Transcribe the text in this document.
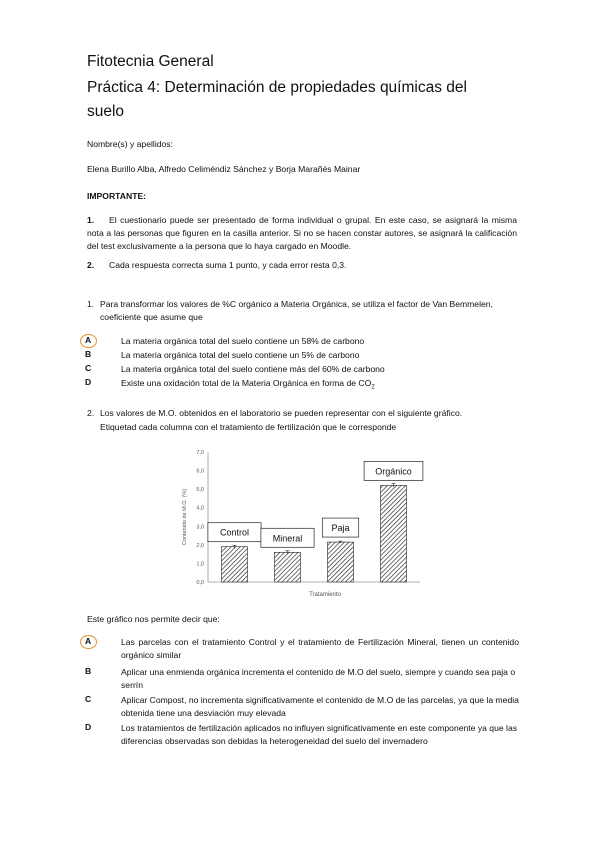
Fitotecnia General
Práctica 4: Determinación de propiedades químicas del
suelo
Nombre(s) y apellidos:
Elena Burillo Alba, Alfredo Celiméndiz Sánchez y Borja Marañés Mainar
IMPORTANTE:
1.	El cuestionario puede ser presentado de forma individual o grupal. En este caso, se asignará la misma nota a las personas que figuren en la casilla anterior. Si no se hacen constar autores, se asignará la calificación del test exclusivamente a la persona que lo haya cargado en Moodle.
2. Cada respuesta correcta suma 1 punto, y cada error resta 0,3.
1. Para transformar los valores de %C orgánico a Materia Orgánica, se utiliza el factor de Van Bemmelen, coeficiente que asume que
A	La materia orgánica total del suelo contiene un 58% de carbono
B	La materia orgánica total del suelo contiene un 5% de carbono
C	La materia orgánica total del suelo contiene más del 60% de carbono
D	Existe una oxidación total de la Materia Orgánica en forma de $CO_2$
2. Los valores de M.O. obtenidos en el laboratorio se pueden representar con el siguiente gráfico.
Etiquetad cada columna con el tratamiento de fertilización que le corresponde
0,0
1,0
2,0
3,0
4,0
5,0
6,0
7,0
Control
Mineral
Paja
Orgánico
Tratamiento
Contenido de M.O. (%)
Este gráfico nos permite decir que:
A	Las parcelas con el tratamiento Control y el tratamiento de Fertilización Mineral, tienen un contenido orgánico similar
B	Aplicar una enmienda orgánica incrementa el contenido de M.O del suelo, siempre y cuando sea paja o serrín
C	Aplicar Compost, no incrementa significativamente el contenido de M.O de las parcelas, ya que la media obtenida tiene una desviación muy elevada
D	Los tratamientos de fertilización aplicados no influyen significativamente en este componente ya que las diferencias observadas son debidas la heterogeneidad del suelo del invernadero
